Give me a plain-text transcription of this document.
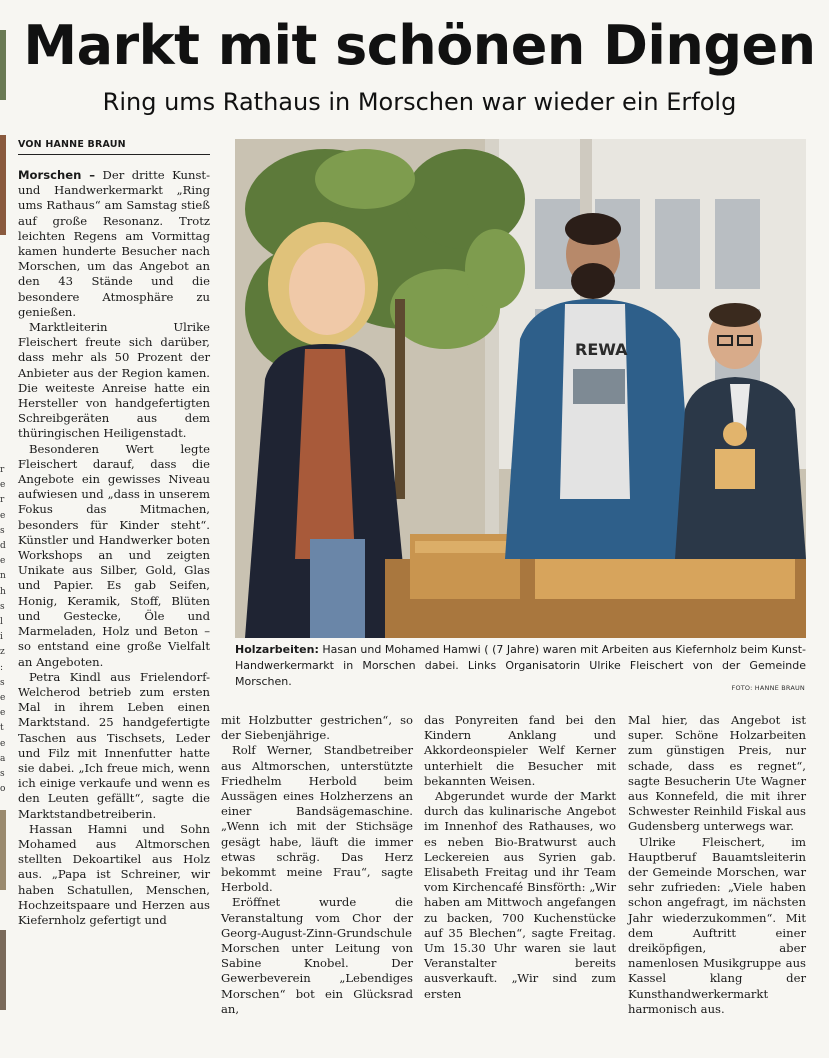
r
e
r
e
s
d
e
n
h
s
l
i
z
:
s
e
e
t
e
a
s
o
Markt mit schönen Dingen
Ring ums Rathaus in Morschen war wieder ein Erfolg
VON HANNE BRAUN

Morschen – Der dritte Kunst- und Handwerkermarkt „Ring ums Rathaus“ am Samstag stieß auf große Resonanz. Trotz leichten Regens am Vormittag kamen hunderte Besucher nach Morschen, um das Angebot an den 43 Stände und die besondere Atmosphäre zu genießen.

Marktleiterin Ulrike Fleischert freute sich darüber, dass mehr als 50 Prozent der Anbieter aus der Region kamen. Die weiteste Anreise hatte ein Hersteller von handgefertigten Schreibgeräten aus dem thüringischen Heiligenstadt.

Besonderen Wert legte Fleischert darauf, dass die Angebote ein gewisses Niveau aufwiesen und „dass in unserem Fokus das Mitmachen, besonders für Kinder steht“. Künstler und Handwerker boten Workshops an und zeigten Unikate aus Silber, Gold, Glas und Papier. Es gab Seifen, Honig, Keramik, Stoff, Blüten und Gestecke, Öle und Marmeladen, Holz und Beton – so entstand eine große Vielfalt an Angeboten.

Petra Kindl aus Frielendorf-Welcherod betrieb zum ersten Mal in ihrem Leben einen Marktstand. 25 handgefertigte Taschen aus Tischsets, Leder und Filz mit Innenfutter hatte sie dabei. „Ich freue mich, wenn ich einige verkaufe und wenn es den Leuten gefällt“, sagte die Marktstandbetreiberin.

Hassan Hamni und Sohn Mohamed aus Altmorschen stellten Dekoartikel aus Holz aus. „Papa ist Schreiner, wir haben Schatullen, Menschen, Hochzeitspaare und Herzen aus Kiefernholz gefertigt und

REWA
Holzarbeiten: Hasan und Mohamed Hamwi ( (7 Jahre) waren mit Arbeiten aus Kiefernholz beim Kunst- Handwerkermarkt in Morschen dabei. Links Organisatorin Ulrike Fleischert von der Gemeinde Morschen.	FOTO: HANNE BRAUN

mit Holzbutter gestrichen“, so der Siebenjährige.

Rolf Werner, Standbetreiber aus Altmorschen, unterstützte Friedhelm Herbold beim Aussägen eines Holzherzens an einer Bandsägemaschine. „Wenn ich mit der Stichsäge gesägt habe, läuft die immer etwas schräg. Das Herz bekommt meine Frau“, sagte Herbold.

Eröffnet wurde die Veranstaltung vom Chor der Georg-August-Zinn-Grundschule Morschen unter Leitung von Sabine Knobel. Der Gewerbeverein „Lebendiges Morschen“ bot ein Glücksrad an,

das Ponyreiten fand bei den Kindern Anklang und Akkordeonspieler Welf Kerner unterhielt die Besucher mit bekannten Weisen.

Abgerundet wurde der Markt durch das kulinarische Angebot im Innenhof des Rathauses, wo es neben Bio-Bratwurst auch Leckereien aus Syrien gab. Elisabeth Freitag und ihr Team vom Kirchencafé Binsförth: „Wir haben am Mittwoch angefangen zu backen, 700 Kuchenstücke auf 35 Blechen“, sagte Freitag. Um 15.30 Uhr waren sie laut Veranstalter bereits ausverkauft. „Wir sind zum ersten

Mal hier, das Angebot ist super. Schöne Holzarbeiten zum günstigen Preis, nur schade, dass es regnet“, sagte Besucherin Ute Wagner aus Konnefeld, die mit ihrer Schwester Reinhild Fiskal aus Gudensberg unterwegs war.

Ulrike Fleischert, im Hauptberuf Bauamtsleiterin der Gemeinde Morschen, war sehr zufrieden: „Viele haben schon angefragt, im nächsten Jahr wiederzukommen“. Mit dem Auftritt einer dreiköpfigen, aber namenlosen Musikgruppe aus Kassel klang der Kunsthandwerkermarkt harmonisch aus.
